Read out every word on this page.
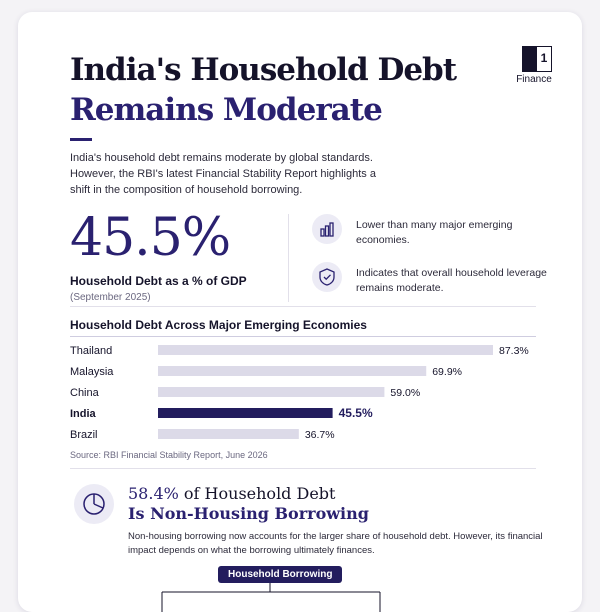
India's Household Debt
Remains Moderate
1
Finance
India's household debt remains moderate by global standards. However, the RBI's latest Financial Stability Report highlights a shift in the composition of household borrowing.
45.5%
Household Debt as a % of GDP
(September 2025)
Lower than many major emerging economies.
Indicates that overall household leverage remains moderate.
Household Debt Across Major Emerging Economies
Thailand	87.3%
Malaysia	69.9%
China	59.0%
India	45.5%
Brazil	36.7%
Source: RBI Financial Stability Report, June 2026
58.4% of Household Debt
Is Non-Housing Borrowing
Non-housing borrowing now accounts for the larger share of household debt. However, its financial impact depends on what the borrowing ultimately finances.
Household Borrowing
